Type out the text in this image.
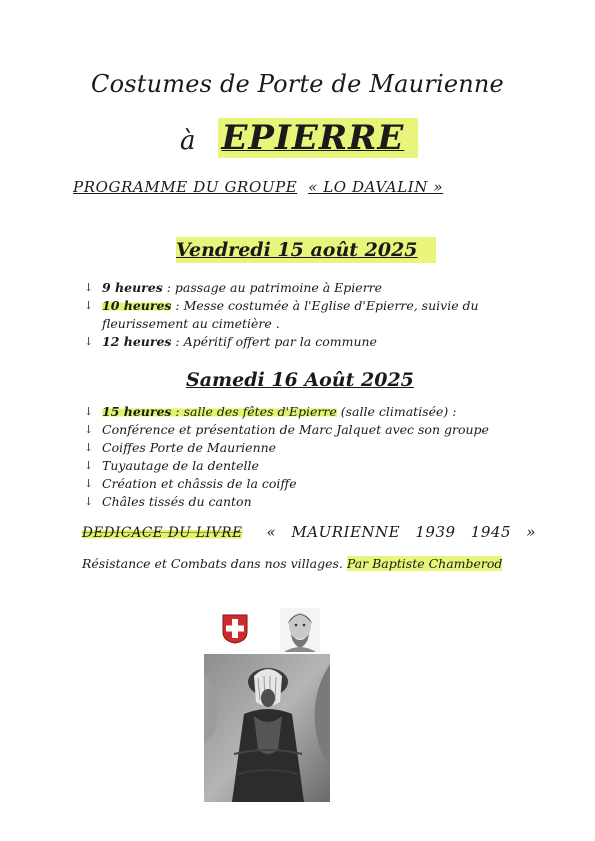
Costumes de Porte de Maurienne
à EPIERRE
PROGRAMME DU GROUPE « LO DAVALIN »
Vendredi 15 août 2025
↓ 9 heures : passage au patrimoine à Epierre
↓ 10 heures : Messe costumée à l'Eglise d'Epierre, suivie du fleurissement au cimetière .
↓ 12 heures : Apéritif offert par la commune
Samedi 16 Août 2025
↓ 15 heures : salle des fêtes d'Epierre (salle climatisée) :
↓ Conférence et présentation de Marc Jalquet avec son groupe
↓ Coiffes Porte de Maurienne
↓ Tuyautage de la dentelle
↓ Création et châssis de la coiffe
↓ Châles tissés du canton
DEDICACE DU LIVRE « MAURIENNE 1939 1945 »
Résistance et Combats dans nos villages. Par Baptiste Chamberod
